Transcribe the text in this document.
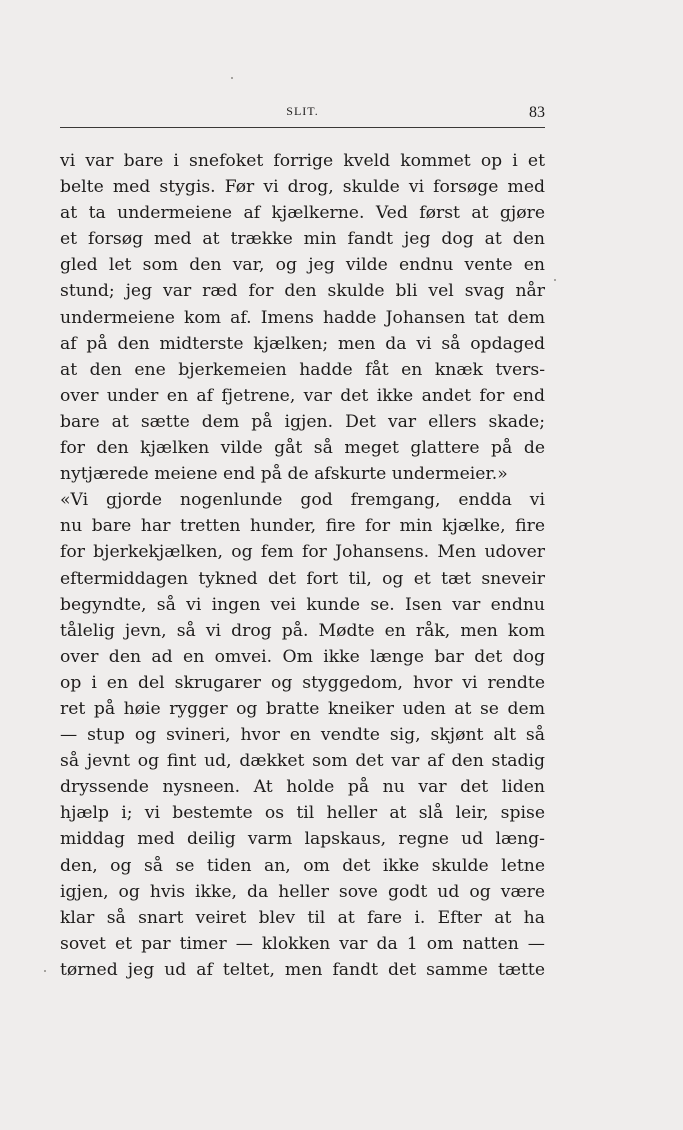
SLIT.	83
vi var bare i snefoket forrige kveld kommet op i et
belte med stygis. Før vi drog, skulde vi forsøge med
at ta undermeiene af kjælkerne. Ved først at gjøre
et forsøg med at trække min fandt jeg dog at den
gled let som den var, og jeg vilde endnu vente en
stund; jeg var ræd for den skulde bli vel svag når
undermeiene kom af. Imens hadde Johansen tat dem
af på den midterste kjælken; men da vi så opdaged
at den ene bjerkemeien hadde fåt en knæk tvers-
over under en af fjetrene, var det ikke andet for end
bare at sætte dem på igjen. Det var ellers skade;
for den kjælken vilde gåt så meget glattere på de
nytjærede meiene end på de afskurte undermeier.»
«Vi gjorde nogenlunde god fremgang, endda vi
nu bare har tretten hunder, fire for min kjælke, fire
for bjerkekjælken, og fem for Johansens. Men udover
eftermiddagen tykned det fort til, og et tæt sneveir
begyndte, så vi ingen vei kunde se. Isen var endnu
tålelig jevn, så vi drog på. Mødte en råk, men kom
over den ad en omvei. Om ikke længe bar det dog
op i en del skrugarer og styggedom, hvor vi rendte
ret på høie rygger og bratte kneiker uden at se dem
— stup og svineri, hvor en vendte sig, skjønt alt så
så jevnt og fint ud, dækket som det var af den stadig
dryssende nysneen. At holde på nu var det liden
hjælp i; vi bestemte os til heller at slå leir, spise
middag med deilig varm lapskaus, regne ud læng-
den, og så se tiden an, om det ikke skulde letne
igjen, og hvis ikke, da heller sove godt ud og være
klar så snart veiret blev til at fare i. Efter at ha
sovet et par timer — klokken var da 1 om natten —
tørned jeg ud af teltet, men fandt det samme tætte
